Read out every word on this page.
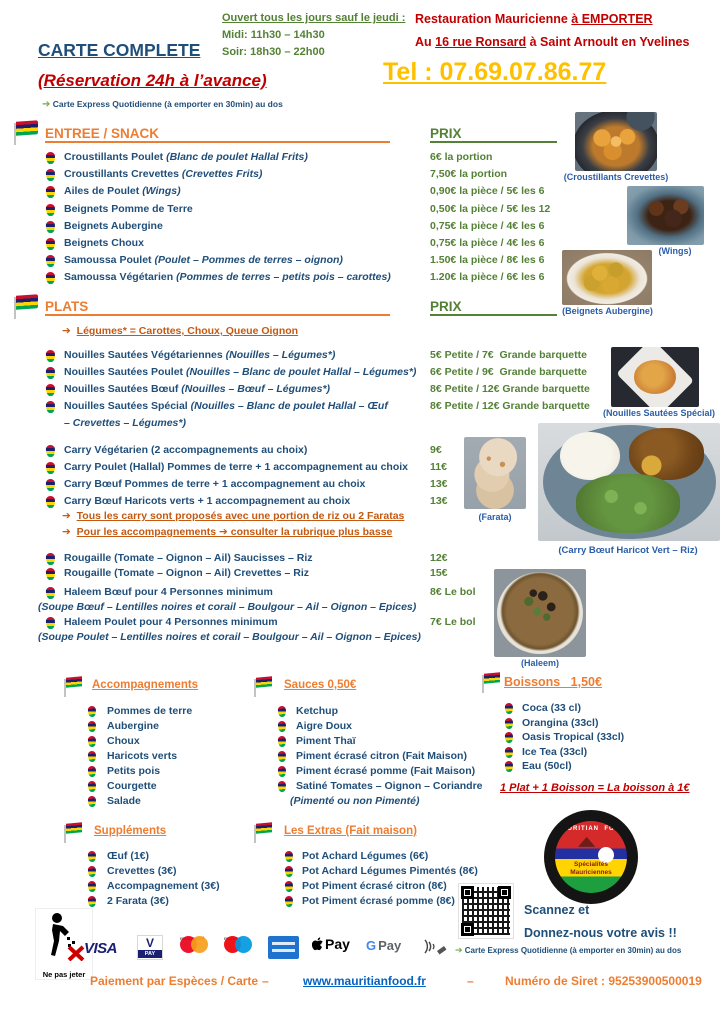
Ouvert tous les jours sauf le jeudi :
Midi: 11h30 – 14h30
Soir: 18h30 – 22h00
Restauration Mauricienne à EMPORTER
Au 16 rue Ronsard à Saint Arnoult en Yvelines
CARTE COMPLETE
(Réservation 24h à l’avance)	Tel : 07.69.07.86.77
➔ Carte Express Quotidienne (à emporter en 30min) au dos
ENTREE / SNACK	PRIX
Croustillants Poulet (Blanc de poulet Hallal Frits)	6€ la portion
Croustillants Crevettes (Crevettes Frits)	7,50€ la portion
Ailes de Poulet (Wings)	0,90€ la pièce / 5€ les 6
Beignets Pomme de Terre	0,50€ la pièce / 5€ les 12
Beignets Aubergine	0,75€ la pièce / 4€ les 6
Beignets Choux	0,75€ la pièce / 4€ les 6
Samoussa Poulet (Poulet – Pommes de terres – oignon)	1.50€ la pièce / 8€ les 6
Samoussa Végétarien (Pommes de terres – petits pois – carottes)	1.20€ la pièce / 6€ les 6
PLATS	PRIX
➔ Légumes* = Carottes, Choux, Queue Oignon
Nouilles Sautées Végétariennes (Nouilles – Légumes*)	5€ Petite / 7€  Grande barquette
Nouilles Sautées Poulet (Nouilles – Blanc de poulet Hallal – Légumes*) 6€ Petite / 9€  Grande barquette
Nouilles Sautées Bœuf (Nouilles – Bœuf – Légumes*)	8€ Petite / 12€ Grande barquette
Nouilles Sautées Spécial (Nouilles – Blanc de poulet Hallal – Œuf	8€ Petite / 12€ Grande barquette
– Crevettes – Légumes*)
Carry Végétarien (2 accompagnements au choix)	9€
Carry Poulet (Hallal) Pommes de terre + 1 accompagnement au choix 11€
Carry Bœuf Pommes de terre + 1 accompagnement au choix	13€
Carry Bœuf Haricots verts + 1 accompagnement au choix	13€
➔ Tous les carry sont proposés avec une portion de riz ou 2 Faratas
➔ Pour les accompagnements ➔ consulter la rubrique plus basse
Rougaille (Tomate – Oignon – Ail) Saucisses – Riz	12€
Rougaille (Tomate – Oignon – Ail) Crevettes – Riz	15€
Haleem Bœuf pour 4 Personnes minimum	8€ Le bol
(Soupe Bœuf – Lentilles noires et corail – Boulgour – Ail – Oignon – Epices)
Haleem Poulet pour 4 Personnes minimum	7€ Le bol
(Soupe Poulet – Lentilles noires et corail – Boulgour – Ail – Oignon – Epices)
Accompagnements
Pommes de terre
Aubergine
Choux
Haricots verts
Petits pois
Courgette
Salade
Sauces 0,50€
Ketchup
Aigre Doux
Piment Thaï
Piment écrasé citron (Fait Maison)
Piment écrasé pomme (Fait Maison)
Satiné Tomates – Oignon – Coriandre
(Pimenté ou non Pimenté)
Boissons   1,50€
Coca (33 cl)
Orangina (33cl)
Oasis Tropical (33cl)
Ice Tea (33cl)
Eau (50cl)
1 Plat + 1 Boisson = La boisson à 1€
Suppléments
Œuf (1€)
Crevettes (3€)
Accompagnement (3€)
2 Farata (3€)
Les Extras (Fait maison)
Pot Achard Légumes (6€)
Pot Achard Légumes Pimentés (8€)
Pot Piment écrasé citron (8€)
Pot Piment écrasé pomme (8€)
(Croustillants Crevettes)
(Wings)
(Beignets Aubergine)
(Nouilles Sautées Spécial)
(Farata)
(Carry Bœuf Haricot Vert – Riz)
(Haleem)
MAURITIAN  FOOD
Spécialités
Mauriciennes
Scannez et
Donnez-nous votre avis !!
Ne pas jeter
VISA	V
PAY
Pay G Pay	➔ Carte Express Quotidienne (à emporter en 30min) au dos
Paiement par Espèces / Carte –	www.mauritianfood.fr	–	Numéro de Siret : 95253900500019
